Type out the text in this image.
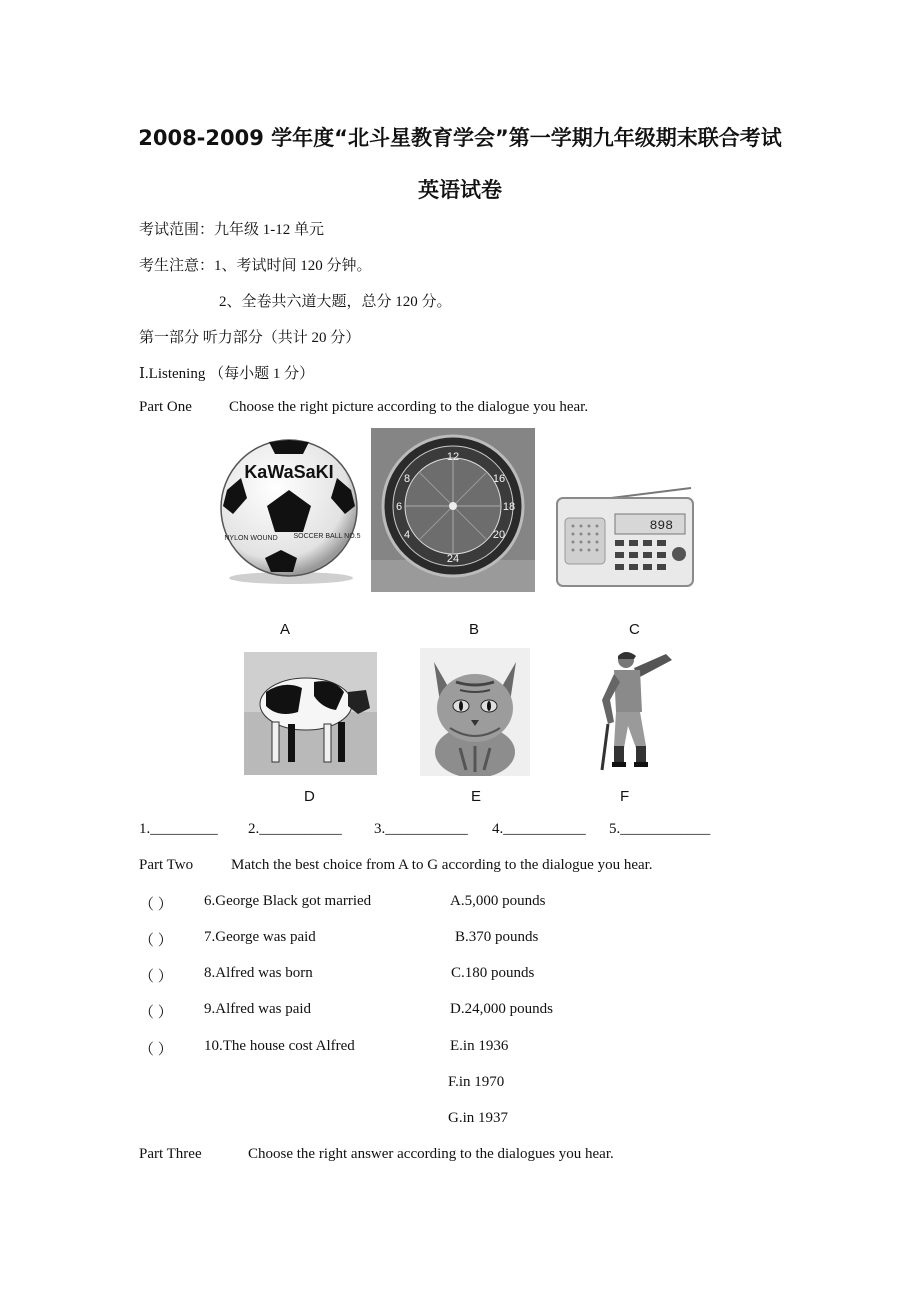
2008-2009 学年度“北斗星教育学会”第一学期九年级期末联合考试
英语试卷
考试范围：九年级 1-12 单元
考生注意：1、考试时间 120 分钟。
2、全卷共六道大题，总分 120 分。
第一部分 听力部分（共计 20 分）
Ⅰ.Listening （每小题 1 分）
Part One Choose the right picture according to the dialogue you hear.
KaWaSaKI
NYLON WOUND SOCCER BALL NO.5
A
12
18
24
6
8	16
4	20
B
898
C
D	E	F
1._________ 2.___________ 3.___________ 4.___________ 5.____________
Part Two	Match the best choice from A to G according to the dialogue you hear.
（ ） 6.George Black got married	A.5,000 pounds
（ ） 7.George was paid	B.370 pounds
（ ） 8.Alfred was born	C.180 pounds
（ ） 9.Alfred was paid	D.24,000 pounds
（ ） 10.The house cost Alfred	E.in 1936
F.in 1970
G.in 1937
Part Three	Choose the right answer according to the dialogues you hear.
